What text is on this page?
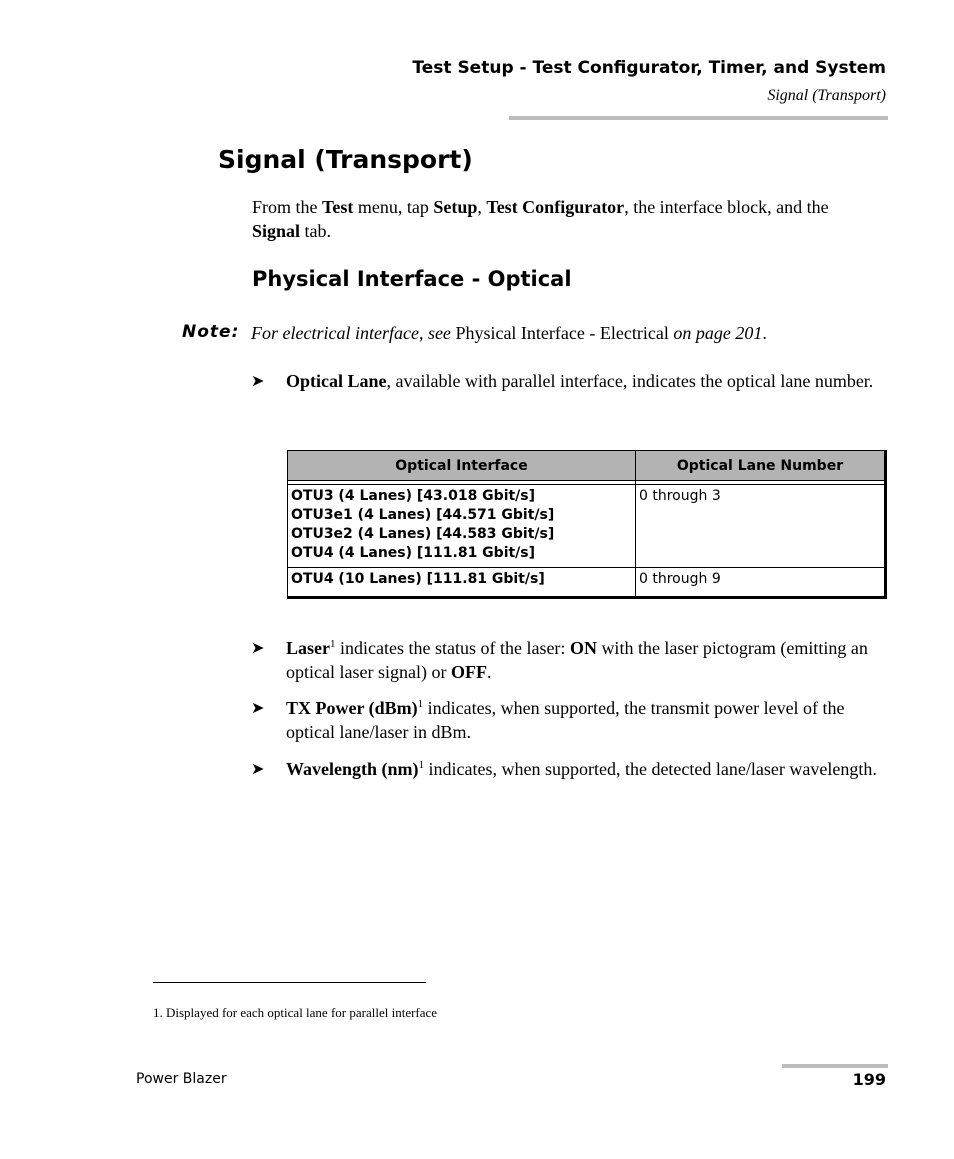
Test Setup - Test Configurator, Timer, and System
Signal (Transport)
Signal (Transport)
From the Test menu, tap Setup, Test Configurator, the interface block, and the Signal tab.
Physical Interface - Optical
Note: For electrical interface, see Physical Interface - Electrical on page 201.
➤ Optical Lane, available with parallel interface, indicates the optical lane number.
Optical Interface	Optical Lane Number

OTU3 (4 Lanes) [43.018 Gbit/s]
OTU3e1 (4 Lanes) [44.571 Gbit/s]
OTU3e2 (4 Lanes) [44.583 Gbit/s]
OTU4 (4 Lanes) [111.81 Gbit/s]	0 through 3

OTU4 (10 Lanes) [111.81 Gbit/s]	0 through 9
➤ Laser$^1$ indicates the status of the laser: ON with the laser pictogram (emitting an optical laser signal) or OFF.
➤ TX Power (dBm)$^1$ indicates, when supported, the transmit power level of the optical lane/laser in dBm.
➤ Wavelength (nm)$^1$ indicates, when supported, the detected lane/laser wavelength.
1. Displayed for each optical lane for parallel interface
Power Blazer	199
